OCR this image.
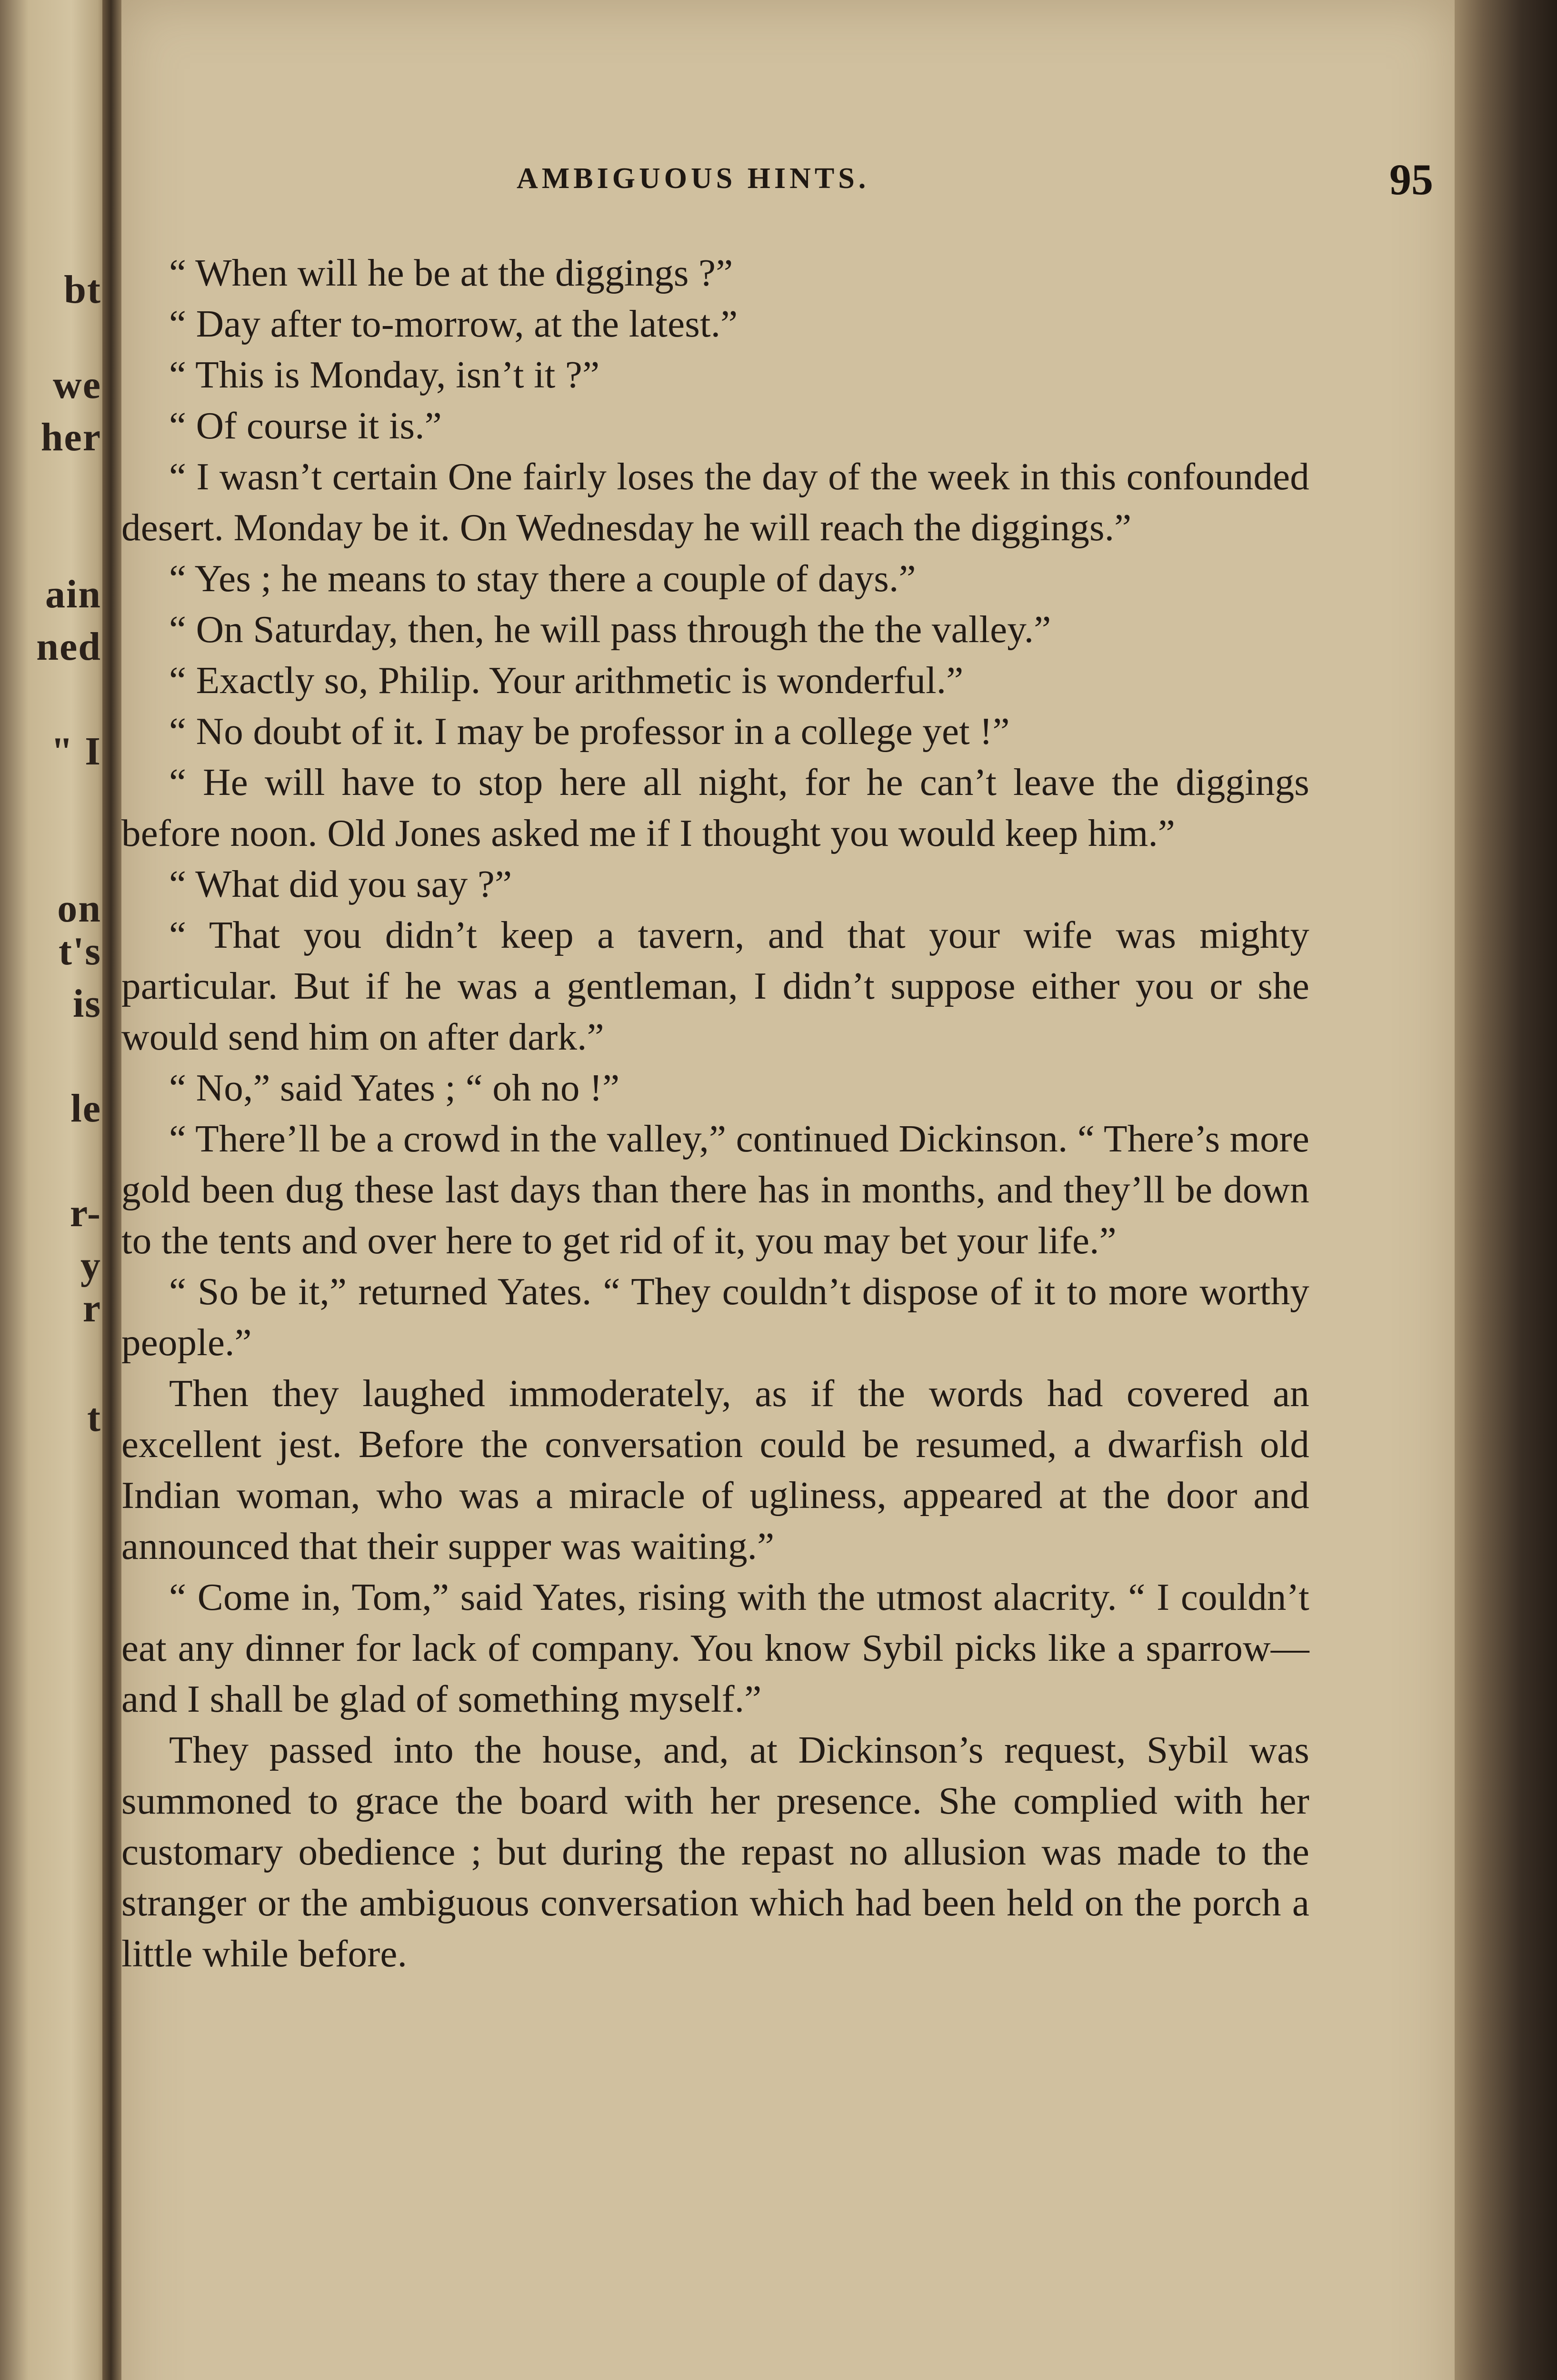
bt
we
her
ain
ned
" I
on
t's
is
le
r-
y
r
t
AMBIGUOUS HINTS.	95

“ When will he be at the diggings ?”

“ Day after to-morrow, at the latest.”

“ This is Monday, isn’t it ?”

“ Of course it is.”

“ I wasn’t certain One fairly loses the day of the week in this confounded desert. Monday be it. On Wednesday he will reach the diggings.”

“ Yes ; he means to stay there a couple of days.”

“ On Saturday, then, he will pass through the the valley.”

“ Exactly so, Philip. Your arithmetic is wonderful.”

“ No doubt of it. I may be professor in a college yet !”

“ He will have to stop here all night, for he can’t leave the diggings before noon. Old Jones asked me if I thought you would keep him.”

“ What did you say ?”

“ That you didn’t keep a tavern, and that your wife was mighty particular. But if he was a gentleman, I didn’t suppose either you or she would send him on after dark.”

“ No,” said Yates ; “ oh no !”

“ There’ll be a crowd in the valley,” continued Dickinson. “ There’s more gold been dug these last days than there has in months, and they’ll be down to the tents and over here to get rid of it, you may bet your life.”

“ So be it,” returned Yates. “ They couldn’t dispose of it to more worthy people.”

Then they laughed immoderately, as if the words had covered an excellent jest. Before the conversation could be resumed, a dwarfish old Indian woman, who was a miracle of ugliness, appeared at the door and announced that their supper was waiting.”

“ Come in, Tom,” said Yates, rising with the utmost alacrity. “ I couldn’t eat any dinner for lack of company. You know Sybil picks like a sparrow—and I shall be glad of something myself.”

They passed into the house, and, at Dickinson’s request, Sybil was summoned to grace the board with her presence. She complied with her customary obedience ; but during the repast no allusion was made to the stranger or the ambiguous conversation which had been held on the porch a little while before.
